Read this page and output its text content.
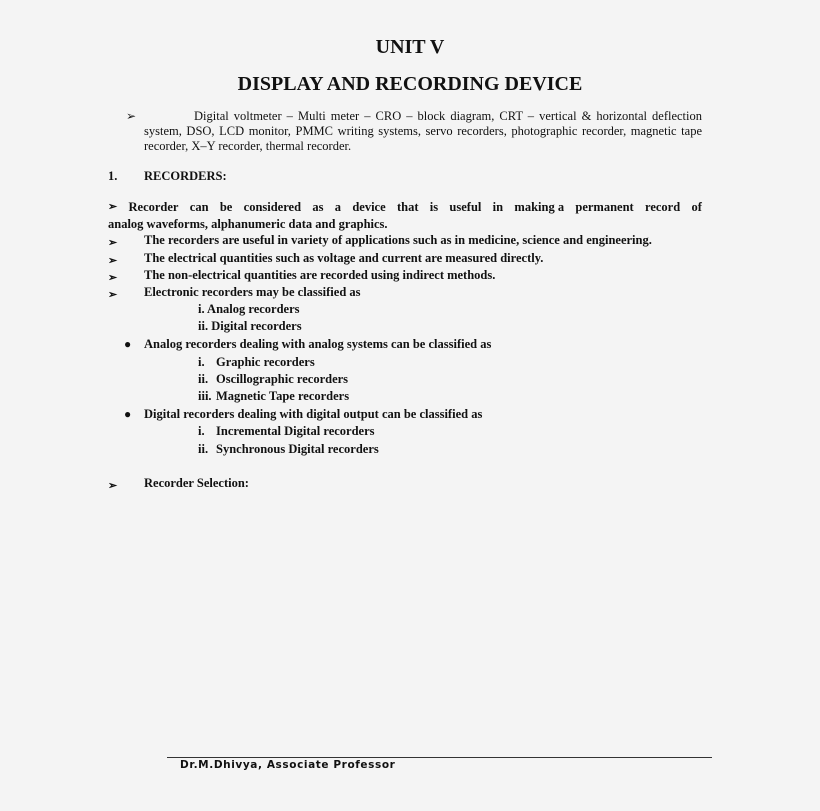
UNIT V
DISPLAY AND RECORDING DEVICE
➢	Digital voltmeter – Multi meter – CRO – block diagram, CRT – vertical & horizontal deflection system, DSO, LCD monitor, PMMC writing systems, servo recorders, photographic recorder, magnetic tape recorder, X–Y recorder, thermal recorder.
1. RECORDERS:
➢ Recorder can be considered as a device that is useful in making a permanent record of
analog waveforms, alphanumeric data and graphics.
➢ The recorders are useful in variety of applications such as in medicine, science and engineering.
➢ The electrical quantities such as voltage and current are measured directly.
➢ The non-electrical quantities are recorded using indirect methods.
➢ Electronic recorders may be classified as
i. Analog recorders
ii. Digital recorders
● Analog recorders dealing with analog systems can be classified as
i. Graphic recorders
ii. Oscillographic recorders
iii. Magnetic Tape recorders
● Digital recorders dealing with digital output can be classified as
i. Incremental Digital recorders
ii. Synchronous Digital recorders
➢ Recorder Selection:
Dr.M.Dhivya, Associate Professor
